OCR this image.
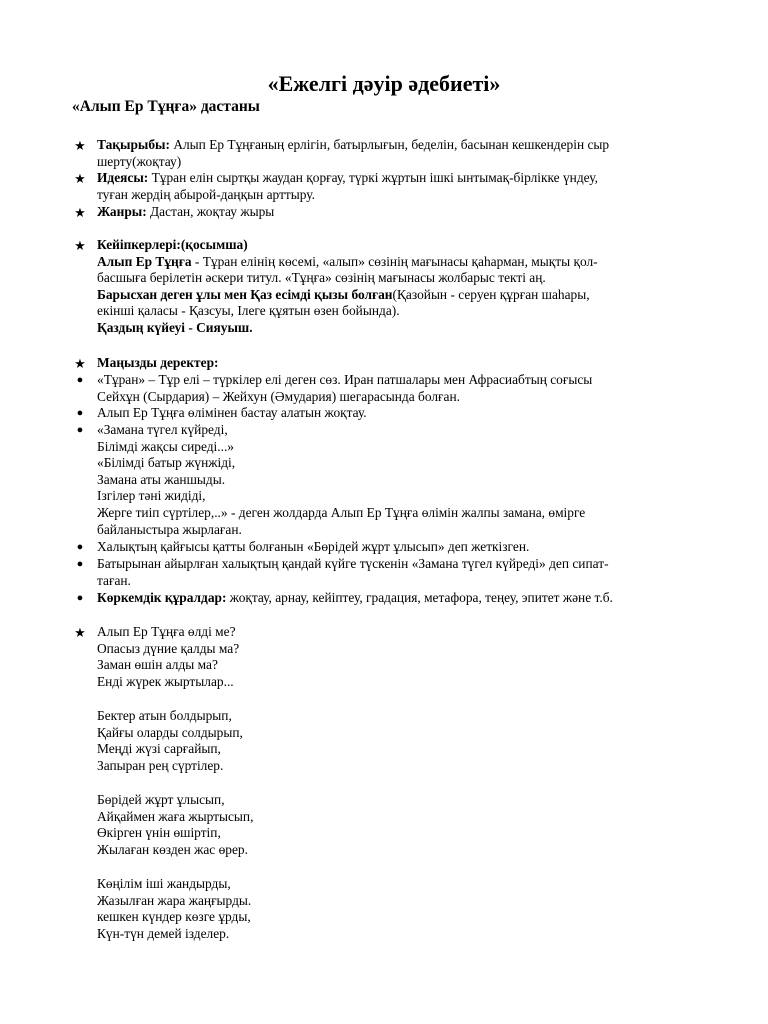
«Ежелгі дәуір әдебиеті»
«Алып Ер Тұңға» дастаны
★ Тақырыбы: Алып Ер Тұңғаның ерлігін, батырлығын, беделін, басынан кешкендерін сыр
шерту(жоқтау)
★ Идеясы: Тұран елін сыртқы жаудан қорғау, түркі жұртын ішкі ынтымақ-бірлікке үндеу,
туған жердің абырой-даңқын арттыру.
★ Жанры: Дастан, жоқтау жыры
★ Кейіпкерлері:(қосымша)
Алып Ер Тұңға - Тұран елінің көсемі, «алып» сөзінің мағынасы қаһарман, мықты қол-
басшыға берілетін әскери титул. «Тұңға» сөзінің мағынасы жолбарыс текті аң.
Барысхан деген ұлы мен Қаз есімді қызы болған(Қазойын - серуен құрған шаһары,
екінші қаласы - Қазсуы, Ілеге құятын өзен бойында).
Қаздың күйеуі - Сияуыш.
★ Маңызды деректер:
● «Тұран» – Тұр елі – түркілер елі деген сөз. Иран патшалары мен Афрасиабтың соғысы
Сейхұн (Сырдария) – Жейхун (Әмудария) шегарасында болған.
● Алып Ер Тұңға өлімінен бастау алатын жоқтау.
● «Замана түгел күйреді,
Білімді жақсы сиреді...»
«Білімді батыр жүнжіді,
Замана аты жаншыды.
Ізгілер тәні жидіді,
Жерге тиіп сүртілер,..» - деген жолдарда Алып Ер Тұңға өлімін жалпы замана, өмірге
байланыстыра жырлаған.
● Халықтың қайғысы қатты болғанын «Бөрідей жұрт ұлысып» деп жеткізген.
● Батырынан айырлған халықтың қандай күйге түскенін «Замана түгел күйреді» деп сипат-
таған.
● Көркемдік құралдар: жоқтау, арнау, кейіптеу, градация, метафора, теңеу, эпитет және т.б.
★ Алып Ер Тұңға өлді ме?
Опасыз дүние қалды ма?
Заман өшін алды ма?
Енді жүрек жыртылар...
Бектер атын болдырып,
Қайғы оларды солдырып,
Меңді жүзі сарғайып,
Запыран рең сүртілер.
Бөрідей жұрт ұлысып,
Айқаймен жаға жыртысып,
Өкірген үнін өшіртіп,
Жылаған көзден жас өрер.
Көңілім іші жандырды,
Жазылған жара жаңғырды.
кешкен күндер көзге ұрды,
Күн-түн демей іздeлер.
